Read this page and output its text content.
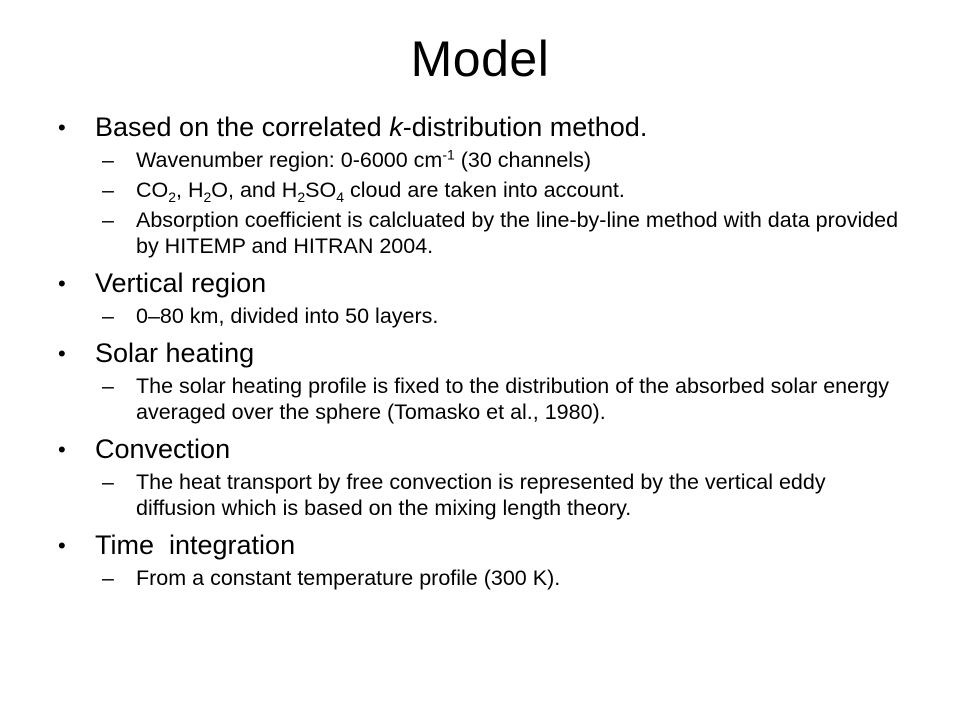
Model
•	Based on the correlated k-distribution method.
–	Wavenumber region: 0-6000 $cm^{-1}$ (30 channels)
–	$CO_2$, $H_2O$, and $H_2SO_4$ cloud are taken into account.
–	Absorption coefficient is calcluated by the line-by-line method with data provided by HITEMP and HITRAN 2004.
•	Vertical region
–	0–80 km, divided into 50 layers.
•	Solar heating
–	The solar heating profile is fixed to the distribution of the absorbed solar energy averaged over the sphere (Tomasko et al., 1980).
•	Convection
–	The heat transport by free convection is represented by the vertical eddy diffusion which is based on the mixing length theory.
•	Time  integration
–	From a constant temperature profile (300 K).
